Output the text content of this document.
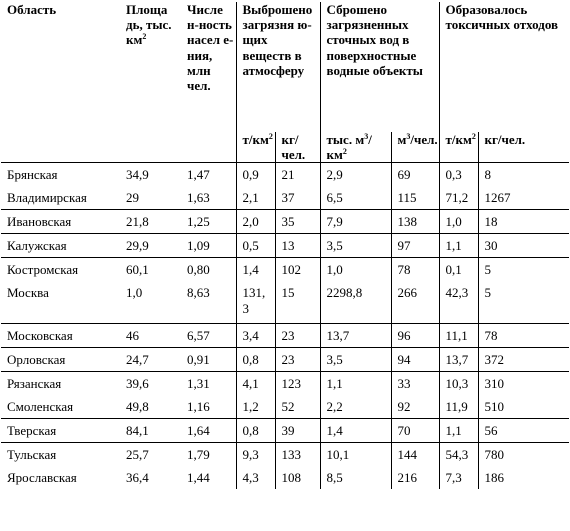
Область	Площа дь, тыс. $км^2$	Числе н-ность насел е-ния, млн чел.	Выброшено загрязня ю-щих веществ в атмосферу		Сброшено загрязненных сточных вод в поверхностные водные объекты		Образовалось токсичных отходов	
			$т/км^2$	кг/чел.	тыс. $м^3/км^2$	$м^3$/чел.	$т/км^2$	кг/чел.
Брянская	34,9	1,47	0,9	21	2,9	69	0,3	8
Владимирская	29	1,63	2,1	37	6,5	115	71,2	1267
Ивановская	21,8	1,25	2,0	35	7,9	138	1,0	18
Калужская	29,9	1,09	0,5	13	3,5	97	1,1	30
Костромская	60,1	0,80	1,4	102	1,0	78	0,1	5
Москва	1,0	8,63	131, 3	15	2298,8	266	42,3	5
Московская	46	6,57	3,4	23	13,7	96	11,1	78
Орловская	24,7	0,91	0,8	23	3,5	94	13,7	372
Рязанская	39,6	1,31	4,1	123	1,1	33	10,3	310
Смоленская	49,8	1,16	1,2	52	2,2	92	11,9	510
Тверская	84,1	1,64	0,8	39	1,4	70	1,1	56
Тульская	25,7	1,79	9,3	133	10,1	144	54,3	780
Ярославская	36,4	1,44	4,3	108	8,5	216	7,3	186
